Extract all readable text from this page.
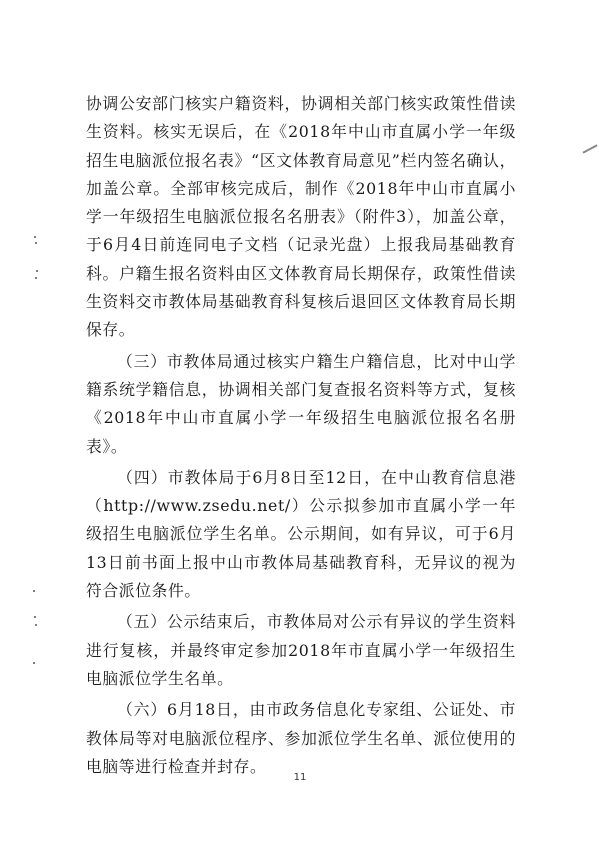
协调公安部门核实户籍资料，协调相关部门核实政策性借读生资料。核实无误后，在《2018年中山市直属小学一年级招生电脑派位报名表》“区文体教育局意见”栏内签名确认，加盖公章。全部审核完成后，制作《2018年中山市直属小学一年级招生电脑派位报名名册表》（附件3），加盖公章，于6月4日前连同电子文档（记录光盘）上报我局基础教育科。户籍生报名资料由区文体教育局长期保存，政策性借读生资料交市教体局基础教育科复核后退回区文体教育局长期保存。

（三）市教体局通过核实户籍生户籍信息，比对中山学籍系统学籍信息，协调相关部门复查报名资料等方式，复核《2018年中山市直属小学一年级招生电脑派位报名名册表》。

（四）市教体局于6月8日至12日，在中山教育信息港（http://www.zsedu.net/）公示拟参加市直属小学一年级招生电脑派位学生名单。公示期间，如有异议，可于6月13日前书面上报中山市教体局基础教育科，无异议的视为符合派位条件。

（五）公示结束后，市教体局对公示有异议的学生资料进行复核，并最终审定参加2018年市直属小学一年级招生电脑派位学生名单。

（六）6月18日，由市政务信息化专家组、公证处、市教体局等对电脑派位程序、参加派位学生名单、派位使用的电脑等进行检查并封存。

11
